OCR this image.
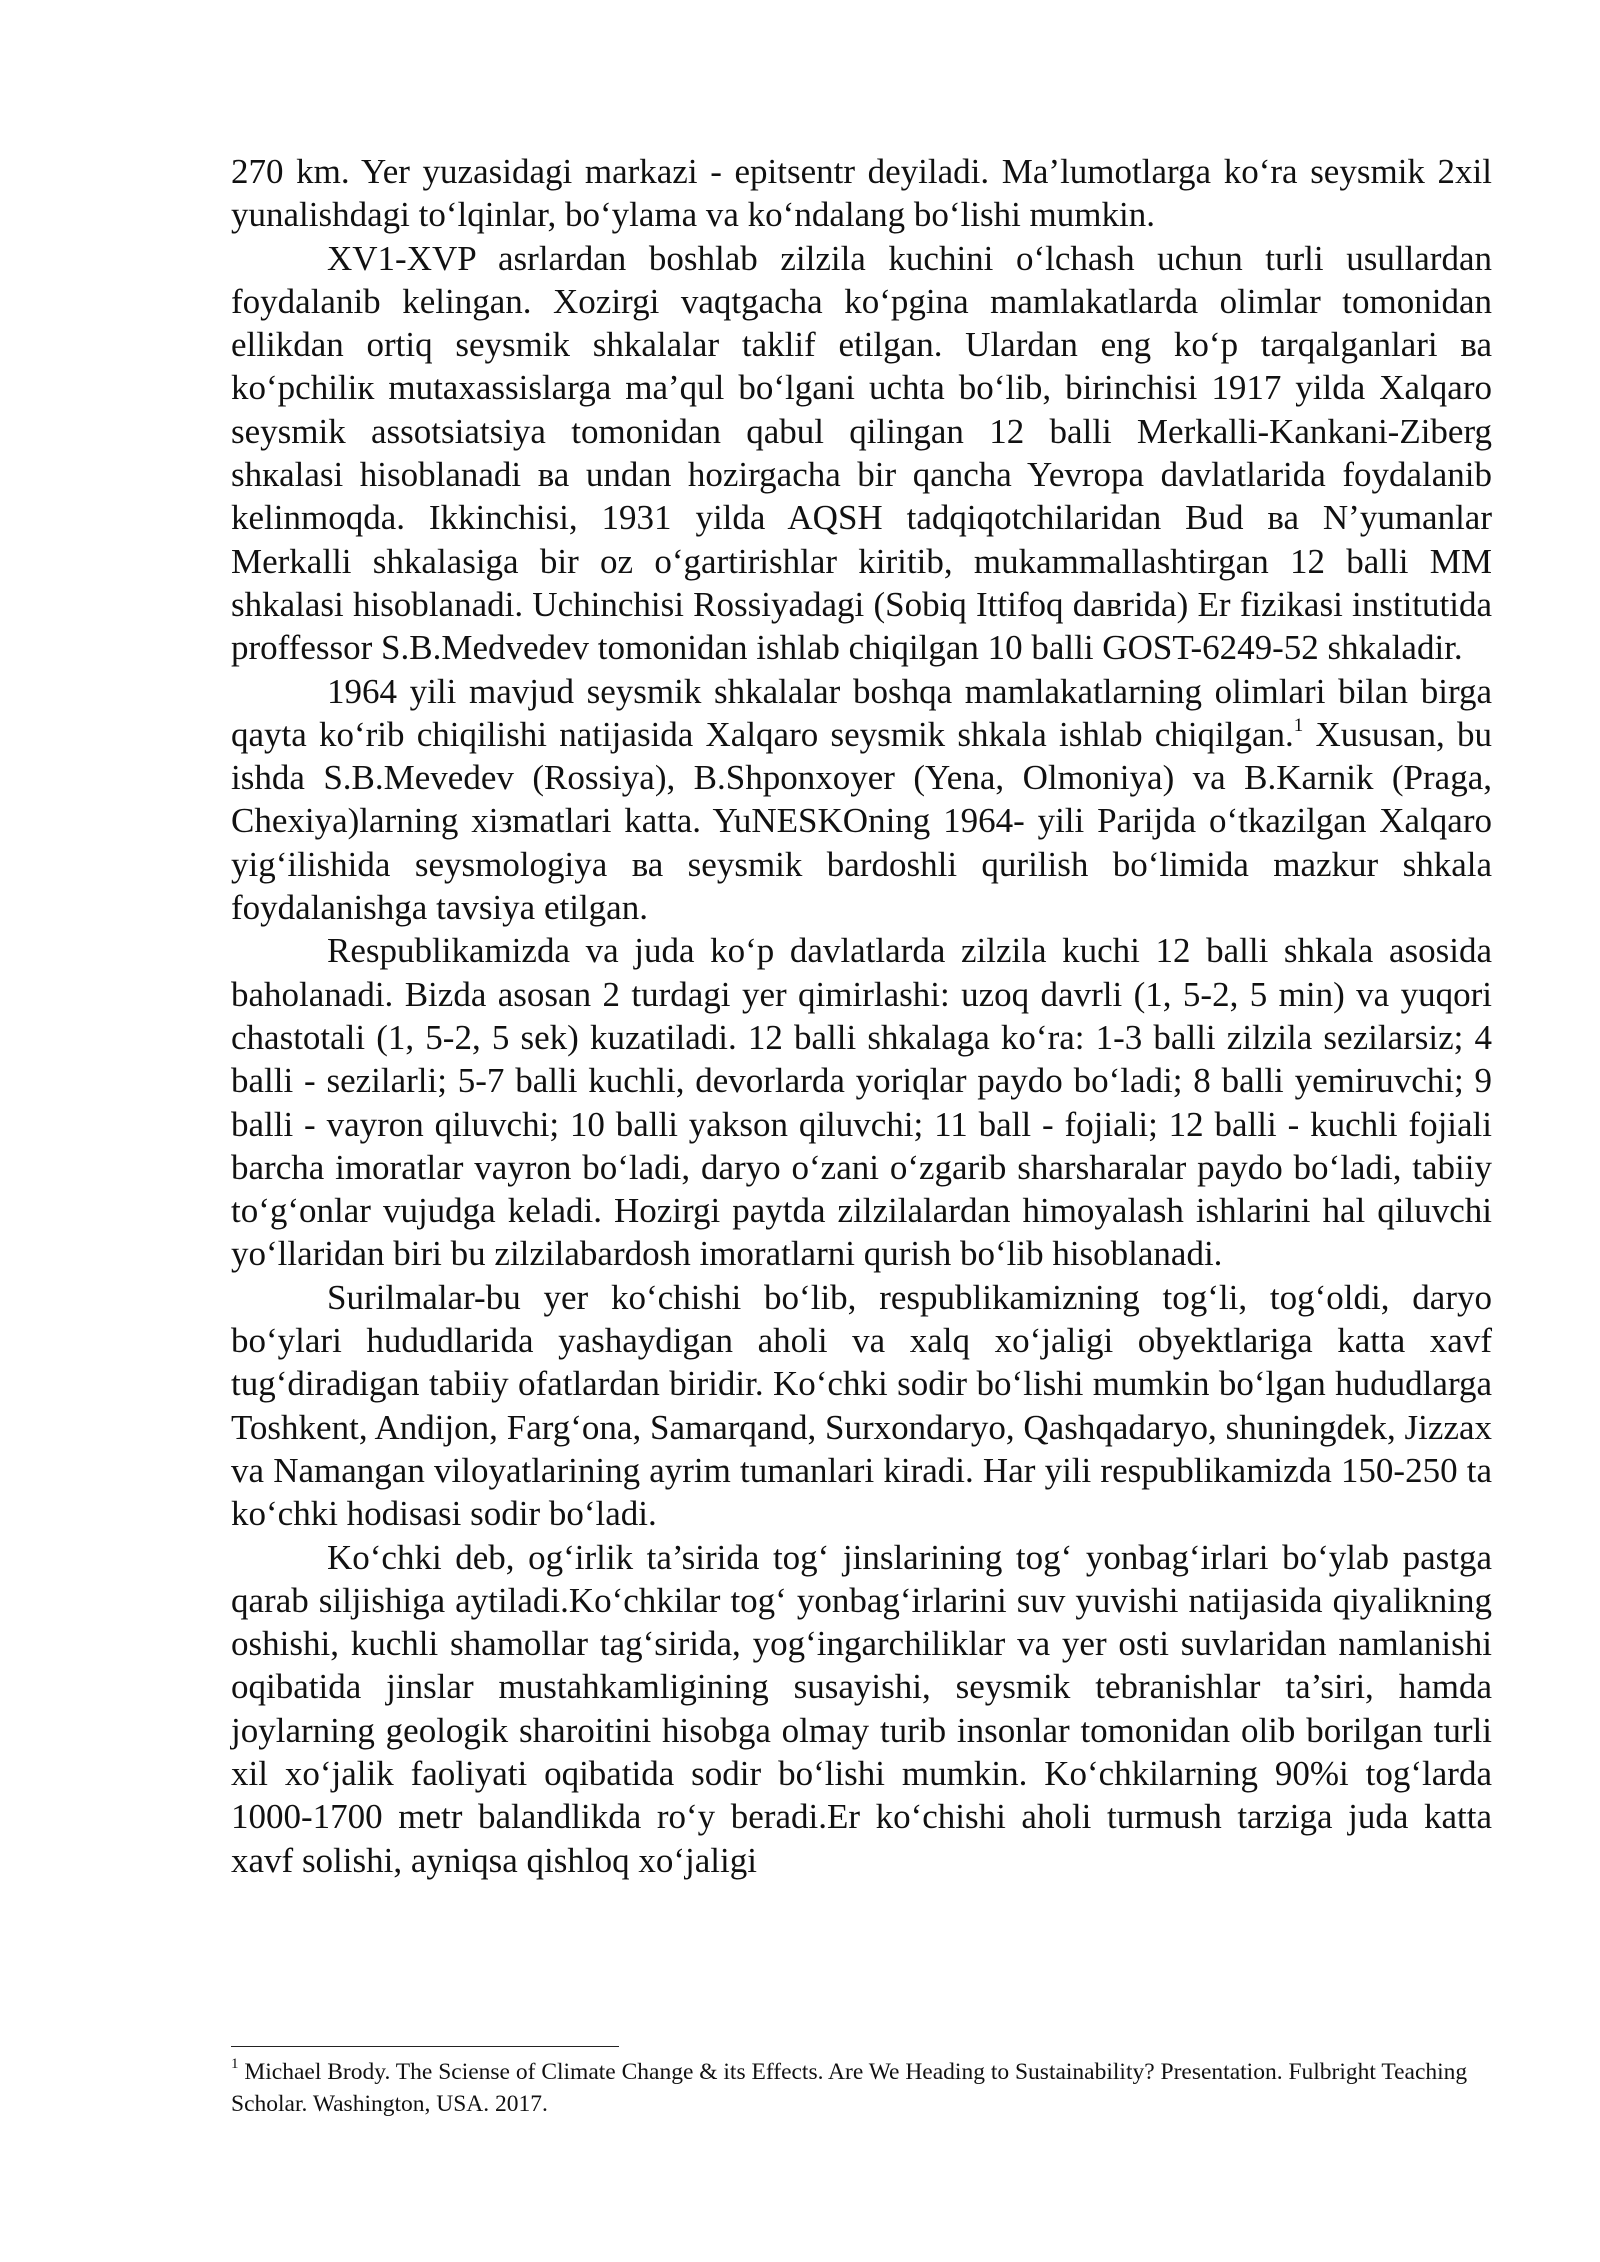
270 km. Yer yuzasidagi markazi - epitsentr deyiladi. Ma’lumotlarga ko‘ra seysmik 2xil yunalishdagi to‘lqinlar, bo‘ylama va ko‘ndalang bo‘lishi mumkin.

XV1-XVP asrlardan boshlab zilzila kuchini o‘lchash uchun turli usullardan foydalanib kelingan. Xozirgi vaqtgacha ko‘pgina mamlakatlarda olimlar tomonidan ellikdan ortiq seysmik shkalalar taklif etilgan. Ulardan eng ko‘p tarqalganlari ва ko‘pchiliк mutaxassislarga ma’qul bo‘lgani uchta bo‘lib, birinchisi 1917 yilda Xalqaro seysmik assotsiatsiya tomonidan qabul qilingan 12 balli Merkalli-Kankani-Ziberg shкalasi hisoblanadi ва undan hozirgacha bir qancha Yevropa davlatlarida foydalanib kelinmoqda. Ikkinchisi, 1931 yilda AQSH tadqiqotchilaridan Bud ва N’yumanlar Merkalli shkalasiga bir oz o‘gartirishlar kiritib, mukammallashtirgan 12 balli MM shkalasi hisoblanadi. Uchinchisi Rossiyadagi (Sobiq Ittifoq daвrida) Er fizikasi institutida proffessor S.B.Medvedev tomonidan ishlab chiqilgan 10 balli GOST-6249-52 shkaladir.

1964 yili mavjud seysmik shkalalar boshqa mamlakatlarning olimlari bilan birga qayta ko‘rib chiqilishi natijasida Xalqaro seysmik shkala ishlab chiqilgan.$^1$ Xususan, bu ishda S.B.Mevedev (Rossiya), B.Shponxoyer (Yena, Olmoniya) va B.Karnik (Praga, Chexiya)larning xiзmatlari katta. YuNESKOning 1964- yili Parijda o‘tkazilgan Xalqaro yig‘ilishida seysmologiya ва seysmik bardoshli qurilish bo‘limida mazkur shkala foydalanishga tavsiya etilgan.

Respublikamizda va juda ko‘p davlatlarda zilzila kuchi 12 balli shkala asosida baholanadi. Bizda asosan 2 turdagi yer qimirlashi: uzoq davrli (1, 5-2, 5 min) va yuqori chastotali (1, 5-2, 5 sek) kuzatiladi. 12 balli shkalaga ko‘ra: 1-3 balli zilzila sezilarsiz; 4 balli - sezilarli; 5-7 balli kuchli, devorlarda yoriqlar paydo bo‘ladi; 8 balli yemiruvchi; 9 balli - vayron qiluvchi; 10 balli yakson qiluvchi; 11 ball - fojiali; 12 balli - kuchli fojiali barcha imoratlar vayron bo‘ladi, daryo o‘zani o‘zgarib sharsharalar paydo bo‘ladi, tabiiy to‘g‘onlar vujudga keladi. Hozirgi paytda zilzilalardan himoyalash ishlarini hal qiluvchi yo‘llaridan biri bu zilzilabardosh imoratlarni qurish bo‘lib hisoblanadi.

Surilmalar-bu yer ko‘chishi bo‘lib, respublikamizning tog‘li, tog‘oldi, daryo bo‘ylari hududlarida yashaydigan aholi va xalq xo‘jaligi obyektlariga katta xavf tug‘diradigan tabiiy ofatlardan biridir. Ko‘chki sodir bo‘lishi mumkin bo‘lgan hududlarga Toshkent, Andijon, Farg‘ona, Samarqand, Surxondaryo, Qashqadaryo, shuningdek, Jizzax va Namangan viloyatlarining ayrim tumanlari kiradi. Har yili respublikamizda 150-250 ta ko‘chki hodisasi sodir bo‘ladi.

Ko‘chki deb, og‘irlik ta’sirida tog‘ jinslarining tog‘ yonbag‘irlari bo‘ylab pastga qarab siljishiga aytiladi.Ko‘chkilar tog‘ yonbag‘irlarini suv yuvishi natijasida qiyalikning oshishi, kuchli shamollar tag‘sirida, yog‘ingarchiliklar va yer osti suvlaridan namlanishi oqibatida jinslar mustahkamligining susayishi, seysmik tebranishlar ta’siri, hamda joylarning geologik sharoitini hisobga olmay turib insonlar tomonidan olib borilgan turli xil xo‘jalik faoliyati oqibatida sodir bo‘lishi mumkin. Ko‘chkilarning 90%i tog‘larda 1000-1700 metr balandlikda ro‘y beradi.Er ko‘chishi aholi turmush tarziga juda katta xavf solishi, ayniqsa qishloq xo‘jaligi

$^1$ Michael Brody. The Sciense of Climate Change & its Effects. Are We Heading to Sustainability? Presentation. Fulbright Teaching Scholar. Washington, USA. 2017.
